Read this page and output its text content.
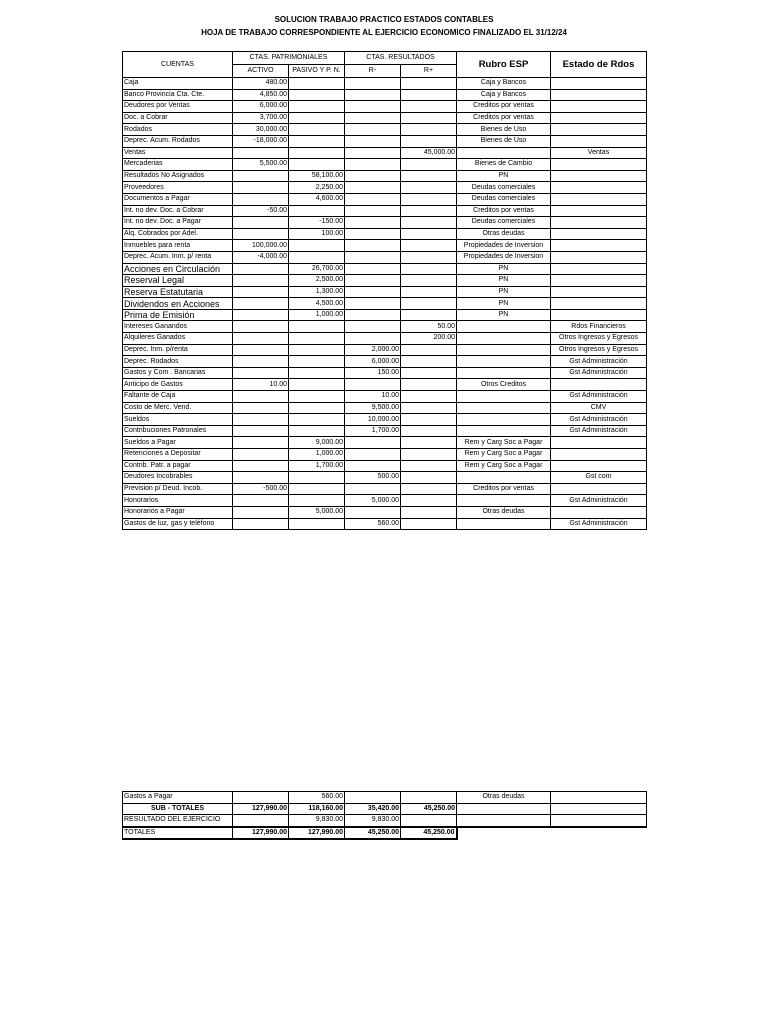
SOLUCION TRABAJO PRACTICO ESTADOS CONTABLES
HOJA DE TRABAJO CORRESPONDIENTE AL EJERCICIO ECONOMICO FINALIZADO EL 31/12/24
CUENTAS	CTAS. PATRIMONIALES		CTAS. RESULTADOS		Rubro ESP	Estado de Rdos
	ACTIVO	PASIVO Y P. N.	R-	R+		
Caja	480.00				Caja y Bancos	
Banco Provincia Cta. Cte.	4,850.00				Caja y Bancos	
Deudores por Ventas	6,000.00				Creditos por ventas	
Doc. a Cobrar	3,700.00				Creditos por ventas	
Rodados	30,000.00				Bienes de Uso	
Deprec. Acum. Rodados	-18,000.00				Bienes de Uso	
Ventas				45,000.00		Ventas
Mercaderias	5,500.00				Bienes de Cambio	
Resultados No Asignados		58,100.00			PN	
Proveedores		2,250.00			Deudas comerciales	
Documentos a Pagar		4,600.00			Deudas comerciales	
Int. no dev. Doc. a Cobrar	-50.00				Creditos por ventas	
Int. no dev. Doc. a Pagar		-150.00			Deudas comerciales	
Alq. Cobrados por Adel.		100.00			Otras deudas	
Inmuebles para renta	100,000.00				Propiedades de Inversion	
Deprec. Acum. Inm. p/ renta	-4,000.00				Propiedades de Inversion	
Acciones en Circulación		26,700.00			PN	
Reserval Legal		2,500.00			PN	
Reserva Estatutaria		1,300.00			PN	
Dividendos en Acciones		4,500.00			PN	
Prima de Emisión		1,000.00			PN	
Intereses Ganandos				50.00		Rdos Financieros
Alquileres Ganados				200.00		Otros Ingresos y Egresos
Deprec. Inm. p/renta			2,000.00			Otros Ingresos y Egresos
Deprec. Rodados			6,000.00			Gst Administración
Gastos y Com . Bancarias			150.00			Gst Administración
Anticipo de Gastos	10.00				Otros Creditos	
Faltante de Caja			10.00			Gst Administración
Costo de Merc. Vend.			9,500.00			CMV
Sueldos			10,000.00			Gst Administración
Contribuciones Patronales			1,700.00			Gst Administración
Sueldos a Pagar		9,000.00			Rem y Carg Soc a Pagar	
Retenciones a Depositar		1,000.00			Rem y Carg Soc a Pagar	
Contrib. Patr. a pagar		1,700.00			Rem y Carg Soc a Pagar	
Deudores Incobrables			500.00			Gst com
Prevision p/ Deud. Incob.	-500.00				Creditos por ventas	
Honorarios			5,000.00			Gst Administración
Honorarios a Pagar		5,000.00			Otras deudas	
Gastos de luz, gas y teléfono			560.00			Gst Administración
Gastos a Pagar		560.00			Otras deudas	
SUB - TOTALES	127,990.00	118,160.00	35,420.00	45,250.00		
RESULTADO DEL EJERCICIO		9,830.00	9,830.00			
TOTALES	127,990.00	127,990.00	45,250.00	45,250.00		
